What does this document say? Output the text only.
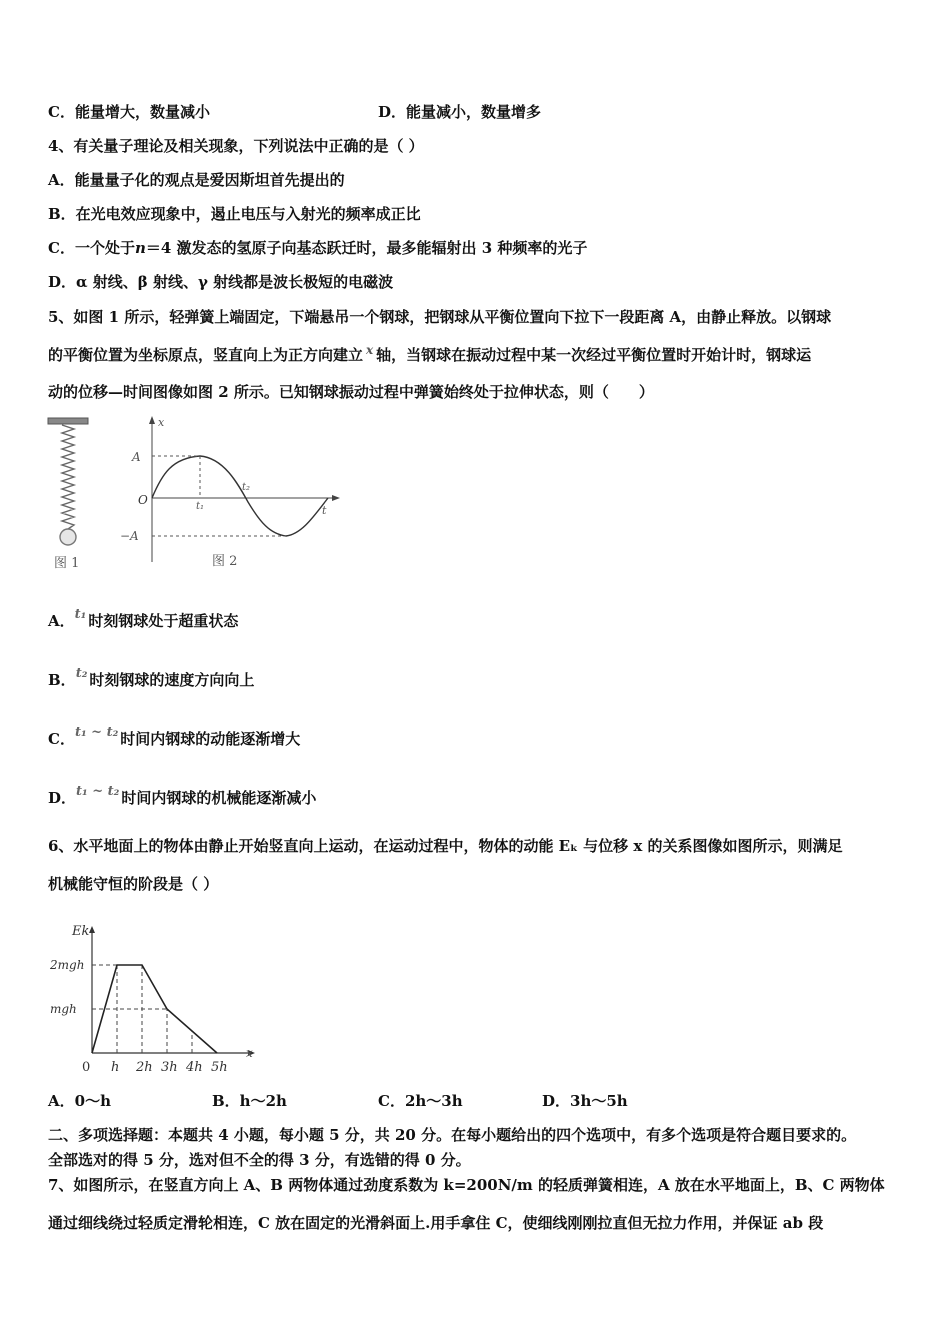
C．能量增大，数量减小	D．能量减小，数量增多
4、有关量子理论及相关现象，下列说法中正确的是（ ）
A．能量量子化的观点是爱因斯坦首先提出的
B．在光电效应现象中，遏止电压与入射光的频率成正比
C．一个处于n＝4 激发态的氢原子向基态跃迁时，最多能辐射出 3 种频率的光子
D．α 射线、β 射线、γ 射线都是波长极短的电磁波
5、如图 1 所示，轻弹簧上端固定，下端悬吊一个钢球，把钢球从平衡位置向下拉下一段距离 A，由静止释放。以钢球
的平衡位置为坐标原点，竖直向上为正方向建立 $^x$ 轴，当钢球在振动过程中某一次经过平衡位置时开始计时，钢球运
动的位移—时间图像如图 2 所示。已知钢球振动过程中弹簧始终处于拉伸状态，则（　　）
图 1
x
A
O
−A
t₁
t₂
t
图 2
A．t₁ 时刻钢球处于超重状态
B．t₂ 时刻钢球的速度方向向上
C．t₁ ~ t₂ 时间内钢球的动能逐渐增大
D．t₁ ~ t₂ 时间内钢球的机械能逐渐减小
6、水平地面上的物体由静止开始竖直向上运动，在运动过程中，物体的动能 Eₖ 与位移 x 的关系图像如图所示，则满足
机械能守恒的阶段是（ ）
Ek
x
mgh
2mgh
0 h 2h 3h 4h 5h
A．0～h	B．h～2h	C．2h～3h	D．3h～5h
二、多项选择题：本题共 4 小题，每小题 5 分，共 20 分。在每小题给出的四个选项中，有多个选项是符合题目要求的。
全部选对的得 5 分，选对但不全的得 3 分，有选错的得 0 分。
7、如图所示，在竖直方向上 A、B 两物体通过劲度系数为 k=200N/m 的轻质弹簧相连，A 放在水平地面上，B、C 两物体
通过细线绕过轻质定滑轮相连，C 放在固定的光滑斜面上.用手拿住 C，使细线刚刚拉直但无拉力作用，并保证 ab 段
